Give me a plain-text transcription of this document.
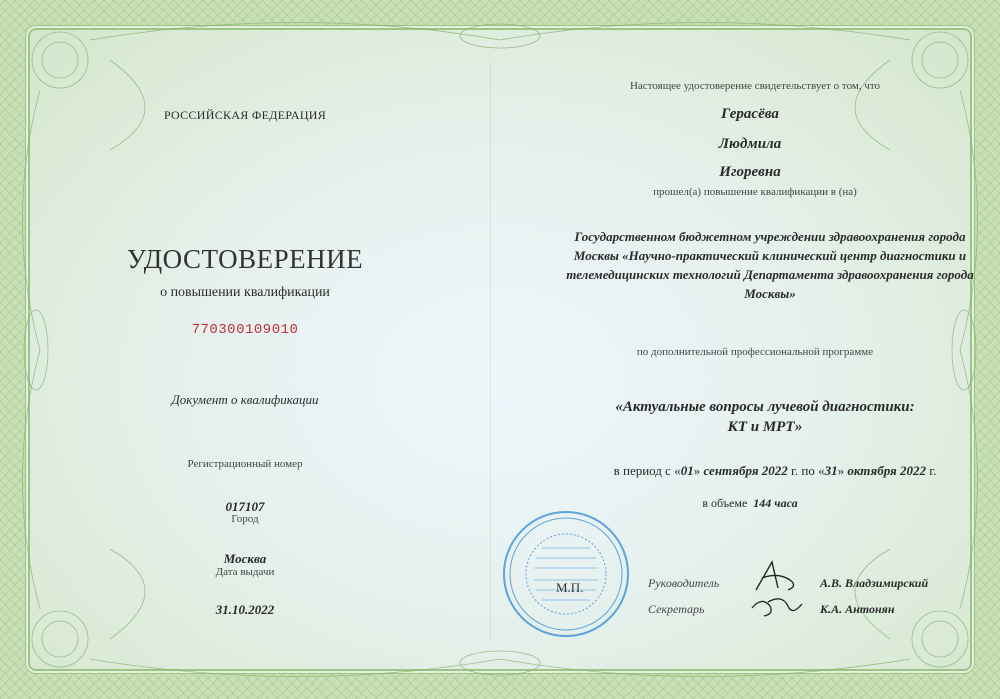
РОССИЙСКАЯ ФЕДЕРАЦИЯ
УДОСТОВЕРЕНИЕ
о повышении квалификации
770300109010
Документ о квалификации
Регистрационный номер
017107
Город
Москва
Дата выдачи
31.10.2022
Настоящее удостоверение свидетельствует о том, что
Герасёва
Людмила
Игоревна
прошел(а) повышение квалификации в (на)
Государственном бюджетном учреждении здравоохранения города Москвы «Научно-практический клинический центр диагностики и телемедицинских технологий Департамента здравоохранения города Москвы»
по дополнительной профессиональной программе
«Актуальные вопросы лучевой диагностики:
КТ и МРТ»
в период с «01» сентября 2022 г. по «31» октября 2022 г.
в объеме 144 часа
М.П.	Руководитель	А.В. Владзимирский
Секретарь	К.А. Антонян
